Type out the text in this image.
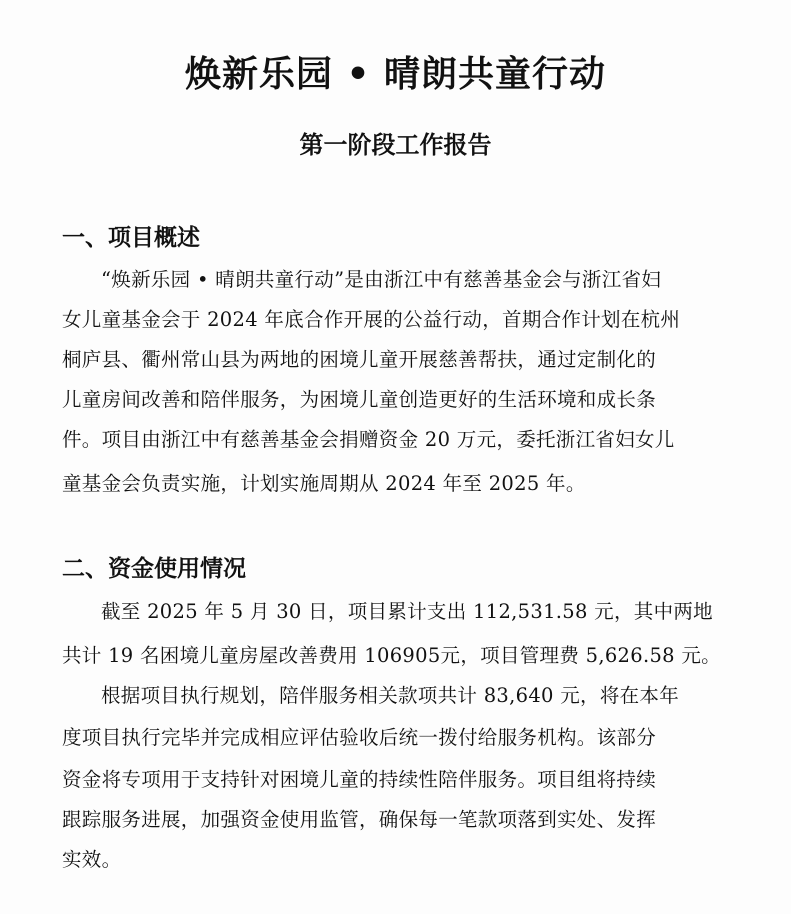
焕新乐园 • 晴朗共童行动
第一阶段工作报告
一、项目概述
“焕新乐园 • 晴朗共童行动”是由浙江中有慈善基金会与浙江省妇
女儿童基金会于 2024 年底合作开展的公益行动，首期合作计划在杭州
桐庐县、衢州常山县为两地的困境儿童开展慈善帮扶，通过定制化的
儿童房间改善和陪伴服务，为困境儿童创造更好的生活环境和成长条
件。项目由浙江中有慈善基金会捐赠资金 20 万元，委托浙江省妇女儿
童基金会负责实施，计划实施周期从 2024 年至 2025 年。
二、资金使用情况
截至 2025 年 5 月 30 日，项目累计支出 112,531.58 元，其中两地
共计 19 名困境儿童房屋改善费用 106905元，项目管理费 5,626.58 元。
根据项目执行规划，陪伴服务相关款项共计 83,640 元，将在本年
度项目执行完毕并完成相应评估验收后统一拨付给服务机构。该部分
资金将专项用于支持针对困境儿童的持续性陪伴服务。项目组将持续
跟踪服务进展，加强资金使用监管，确保每一笔款项落到实处、发挥
实效。
